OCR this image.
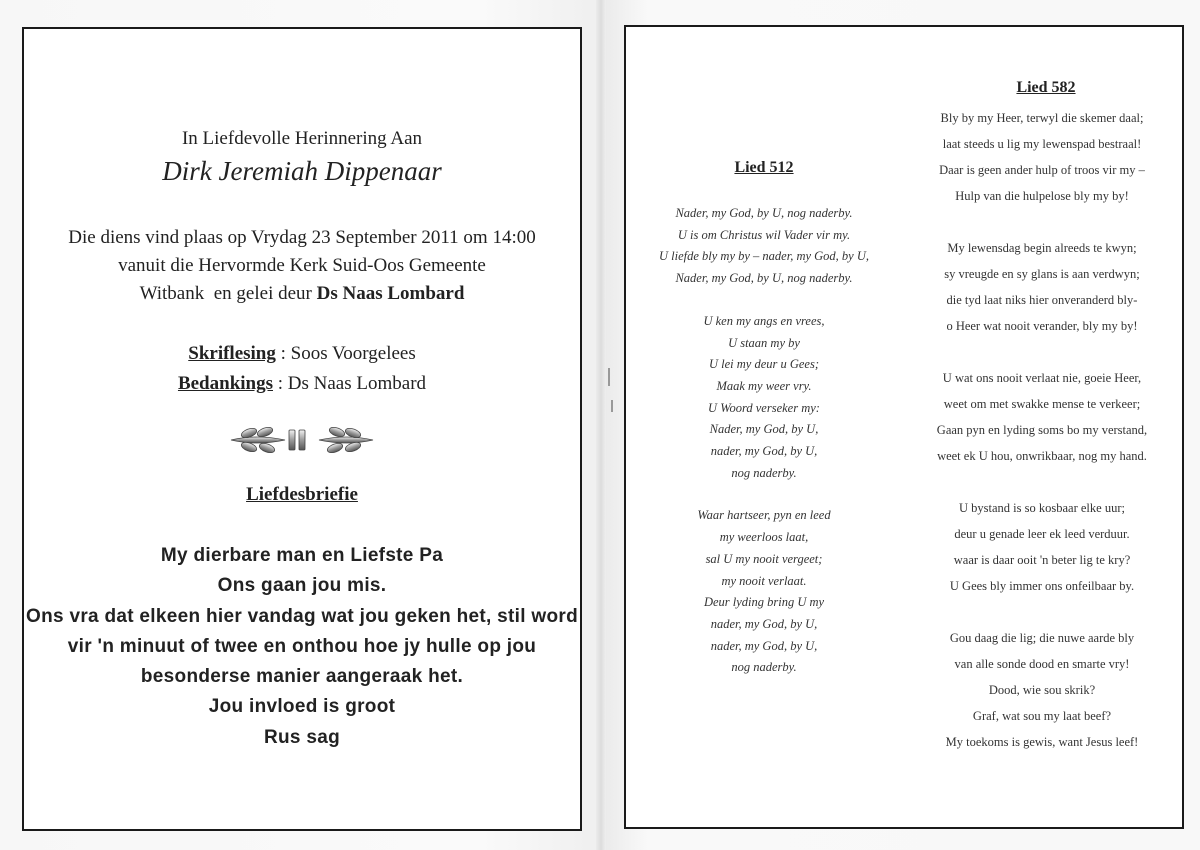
In Liefdevolle Herinnering Aan
Dirk Jeremiah Dippenaar
Die diens vind plaas op Vrydag 23 September 2011 om 14:00
vanuit die Hervormde Kerk Suid-Oos Gemeente
Witbank  en gelei deur Ds Naas Lombard
Skriflesing : Soos Voorgelees
Bedankings : Ds Naas Lombard
Liefdesbriefie
My dierbare man en Liefste Pa
Ons gaan jou mis.
Ons vra dat elkeen hier vandag wat jou geken het, stil word
vir 'n minuut of twee en onthou hoe jy hulle op jou
besonderse manier aangeraak het.
Jou invloed is groot
Rus sag
Lied 512
Nader, my God, by U, nog naderby.
U is om Christus wil Vader vir my.
U liefde bly my by – nader, my God, by U,
Nader, my God, by U, nog naderby.
U ken my angs en vrees,
U staan my by
U lei my deur u Gees;
Maak my weer vry.
U Woord verseker my:
Nader, my God, by U,
nader, my God, by U,
nog naderby.
Waar hartseer, pyn en leed
my weerloos laat,
sal U my nooit vergeet;
my nooit verlaat.
Deur lyding bring U my
nader, my God, by U,
nader, my God, by U,
nog naderby.
Lied 582
Bly by my Heer, terwyl die skemer daal;
laat steeds u lig my lewenspad bestraal!
Daar is geen ander hulp of troos vir my –
Hulp van die hulpelose bly my by!
My lewensdag begin alreeds te kwyn;
sy vreugde en sy glans is aan verdwyn;
die tyd laat niks hier onveranderd bly-
o Heer wat nooit verander, bly my by!
U wat ons nooit verlaat nie, goeie Heer,
weet om met swakke mense te verkeer;
Gaan pyn en lyding soms bo my verstand,
weet ek U hou, onwrikbaar, nog my hand.
U bystand is so kosbaar elke uur;
deur u genade leer ek leed verduur.
waar is daar ooit 'n beter lig te kry?
U Gees bly immer ons onfeilbaar by.
Gou daag die lig; die nuwe aarde bly
van alle sonde dood en smarte vry!
Dood, wie sou skrik?
Graf, wat sou my laat beef?
My toekoms is gewis, want Jesus leef!
